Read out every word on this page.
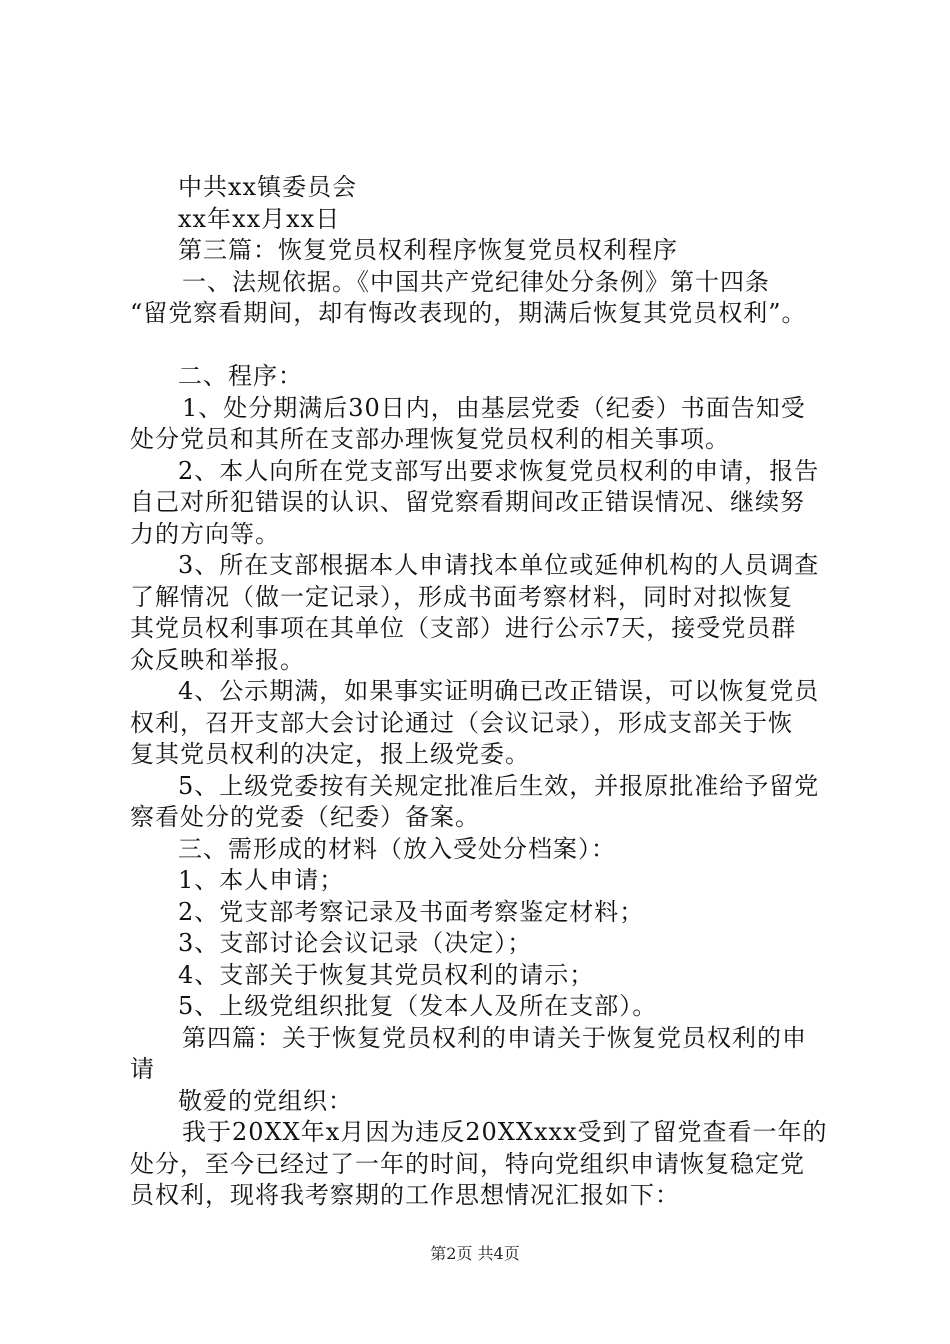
中共xx镇委员会
xx年xx月xx日
第三篇：恢复党员权利程序恢复党员权利程序
一、法规依据。《中国共产党纪律处分条例》第十四条
“留党察看期间，却有悔改表现的，期满后恢复其党员权利”。
二、程序：
1、处分期满后30日内，由基层党委（纪委）书面告知受
处分党员和其所在支部办理恢复党员权利的相关事项。
2、本人向所在党支部写出要求恢复党员权利的申请，报告
自己对所犯错误的认识、留党察看期间改正错误情况、继续努
力的方向等。
3、所在支部根据本人申请找本单位或延伸机构的人员调查
了解情况（做一定记录），形成书面考察材料，同时对拟恢复
其党员权利事项在其单位（支部）进行公示7天，接受党员群
众反映和举报。
4、公示期满，如果事实证明确已改正错误，可以恢复党员
权利，召开支部大会讨论通过（会议记录），形成支部关于恢
复其党员权利的决定，报上级党委。
5、上级党委按有关规定批准后生效，并报原批准给予留党
察看处分的党委（纪委）备案。
三、需形成的材料（放入受处分档案）：
1、本人申请；
2、党支部考察记录及书面考察鉴定材料；
3、支部讨论会议记录（决定）；
4、支部关于恢复其党员权利的请示；
5、上级党组织批复（发本人及所在支部）。
第四篇：关于恢复党员权利的申请关于恢复党员权利的申
请
敬爱的党组织：
我于20XX年x月因为违反20XXxxx受到了留党查看一年的
处分，至今已经过了一年的时间，特向党组织申请恢复稳定党
员权利，现将我考察期的工作思想情况汇报如下：
第2页 共4页
